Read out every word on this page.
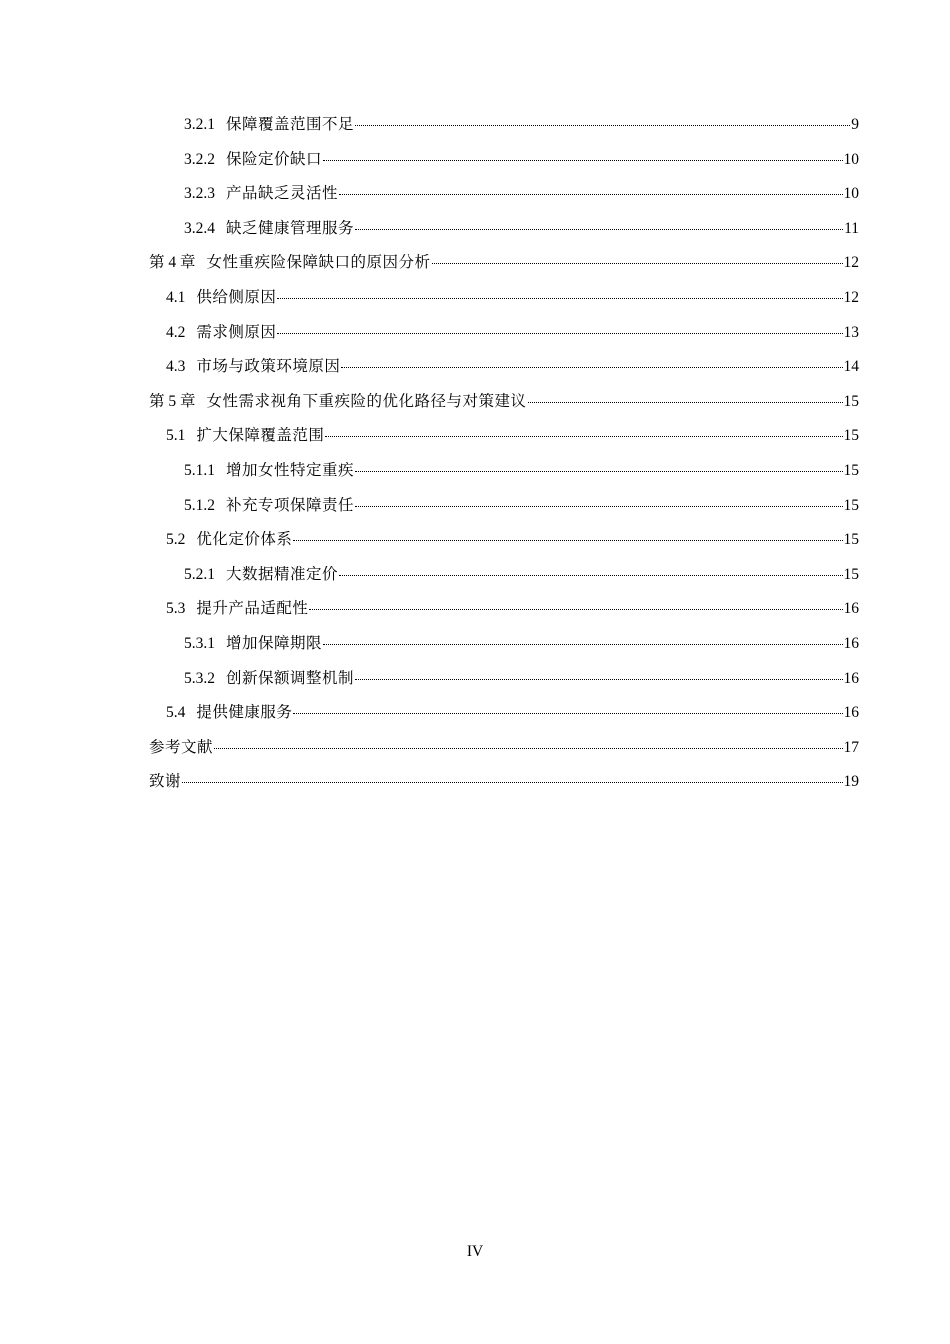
3.2.1 保障覆盖范围不足	9
3.2.2 保险定价缺口	10
3.2.3 产品缺乏灵活性	10
3.2.4 缺乏健康管理服务	11
第 4 章 女性重疾险保障缺口的原因分析	12
4.1 供给侧原因	12
4.2 需求侧原因	13
4.3 市场与政策环境原因	14
第 5 章 女性需求视角下重疾险的优化路径与对策建议	15
5.1 扩大保障覆盖范围	15
5.1.1 增加女性特定重疾	15
5.1.2 补充专项保障责任	15
5.2 优化定价体系	15
5.2.1 大数据精准定价	15
5.3 提升产品适配性	16
5.3.1 增加保障期限	16
5.3.2 创新保额调整机制	16
5.4 提供健康服务	16
参考文献	17
致谢	19
IV
